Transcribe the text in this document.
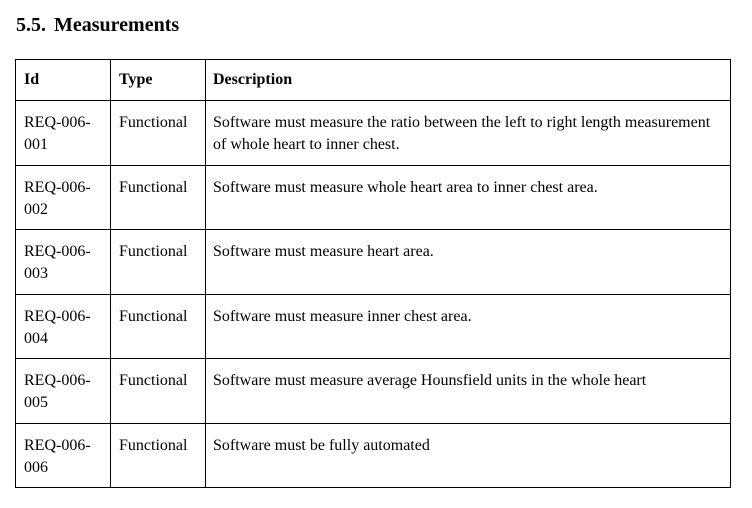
5.5. Measurements
Id	Type	Description
REQ-006-001	Functional	Software must measure the ratio between the left to right length measurement of whole heart to inner chest.
REQ-006-002	Functional	Software must measure whole heart area to inner chest area.
REQ-006-003	Functional	Software must measure heart area.
REQ-006-004	Functional	Software must measure inner chest area.
REQ-006-005	Functional	Software must measure average Hounsfield units in the whole heart
REQ-006-006	Functional	Software must be fully automated
